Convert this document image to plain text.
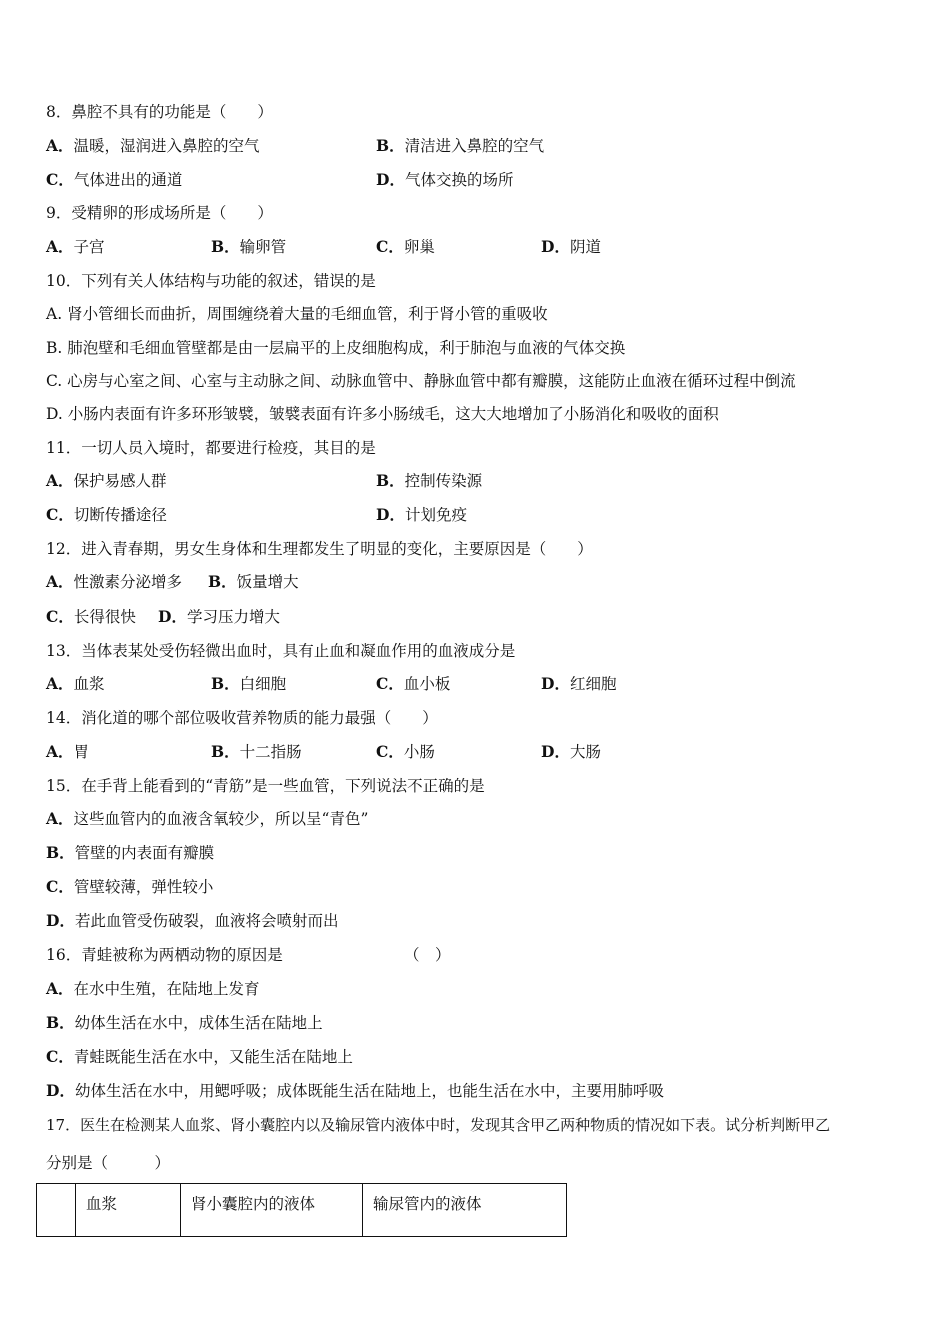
8．鼻腔不具有的功能是（　　）
A．温暖，湿润进入鼻腔的空气	B．清洁进入鼻腔的空气
C．气体进出的通道	D．气体交换的场所
9．受精卵的形成场所是（　　）
A．子宫	B．输卵管	C．卵巢	D．阴道
10．下列有关人体结构与功能的叙述，错误的是
A. 肾小管细长而曲折，周围缠绕着大量的毛细血管，利于肾小管的重吸收
B. 肺泡壁和毛细血管壁都是由一层扁平的上皮细胞构成，利于肺泡与血液的气体交换
C. 心房与心室之间、心室与主动脉之间、动脉血管中、静脉血管中都有瓣膜，这能防止血液在循环过程中倒流
D. 小肠内表面有许多环形皱襞，皱襞表面有许多小肠绒毛，这大大地增加了小肠消化和吸收的面积
11．一切人员入境时，都要进行检疫，其目的是
A．保护易感人群	B．控制传染源
C．切断传播途径	D．计划免疫
12．进入青春期，男女生身体和生理都发生了明显的变化，主要原因是（　　）
A．性激素分泌增多 B．饭量增大
C．长得很快 D．学习压力增大
13．当体表某处受伤轻微出血时，具有止血和凝血作用的血液成分是
A．血浆	B．白细胞	C．血小板	D．红细胞
14．消化道的哪个部位吸收营养物质的能力最强（　　）
A．胃	B．十二指肠	C．小肠	D．大肠
15．在手背上能看到的“青筋”是一些血管，下列说法不正确的是
A．这些血管内的血液含氧较少，所以呈“青色”
B．管壁的内表面有瓣膜
C．管壁较薄，弹性较小
D．若此血管受伤破裂，血液将会喷射而出
16．青蛙被称为两栖动物的原因是	（　）
A．在水中生殖，在陆地上发育
B．幼体生活在水中，成体生活在陆地上
C．青蛙既能生活在水中，又能生活在陆地上
D．幼体生活在水中，用鳃呼吸；成体既能生活在陆地上，也能生活在水中，主要用肺呼吸
17．医生在检测某人血浆、肾小囊腔内以及输尿管内液体中时，发现其含甲乙两种物质的情况如下表。试分析判断甲乙
分别是（　　　）
	血浆	肾小囊腔内的液体	输尿管内的液体
